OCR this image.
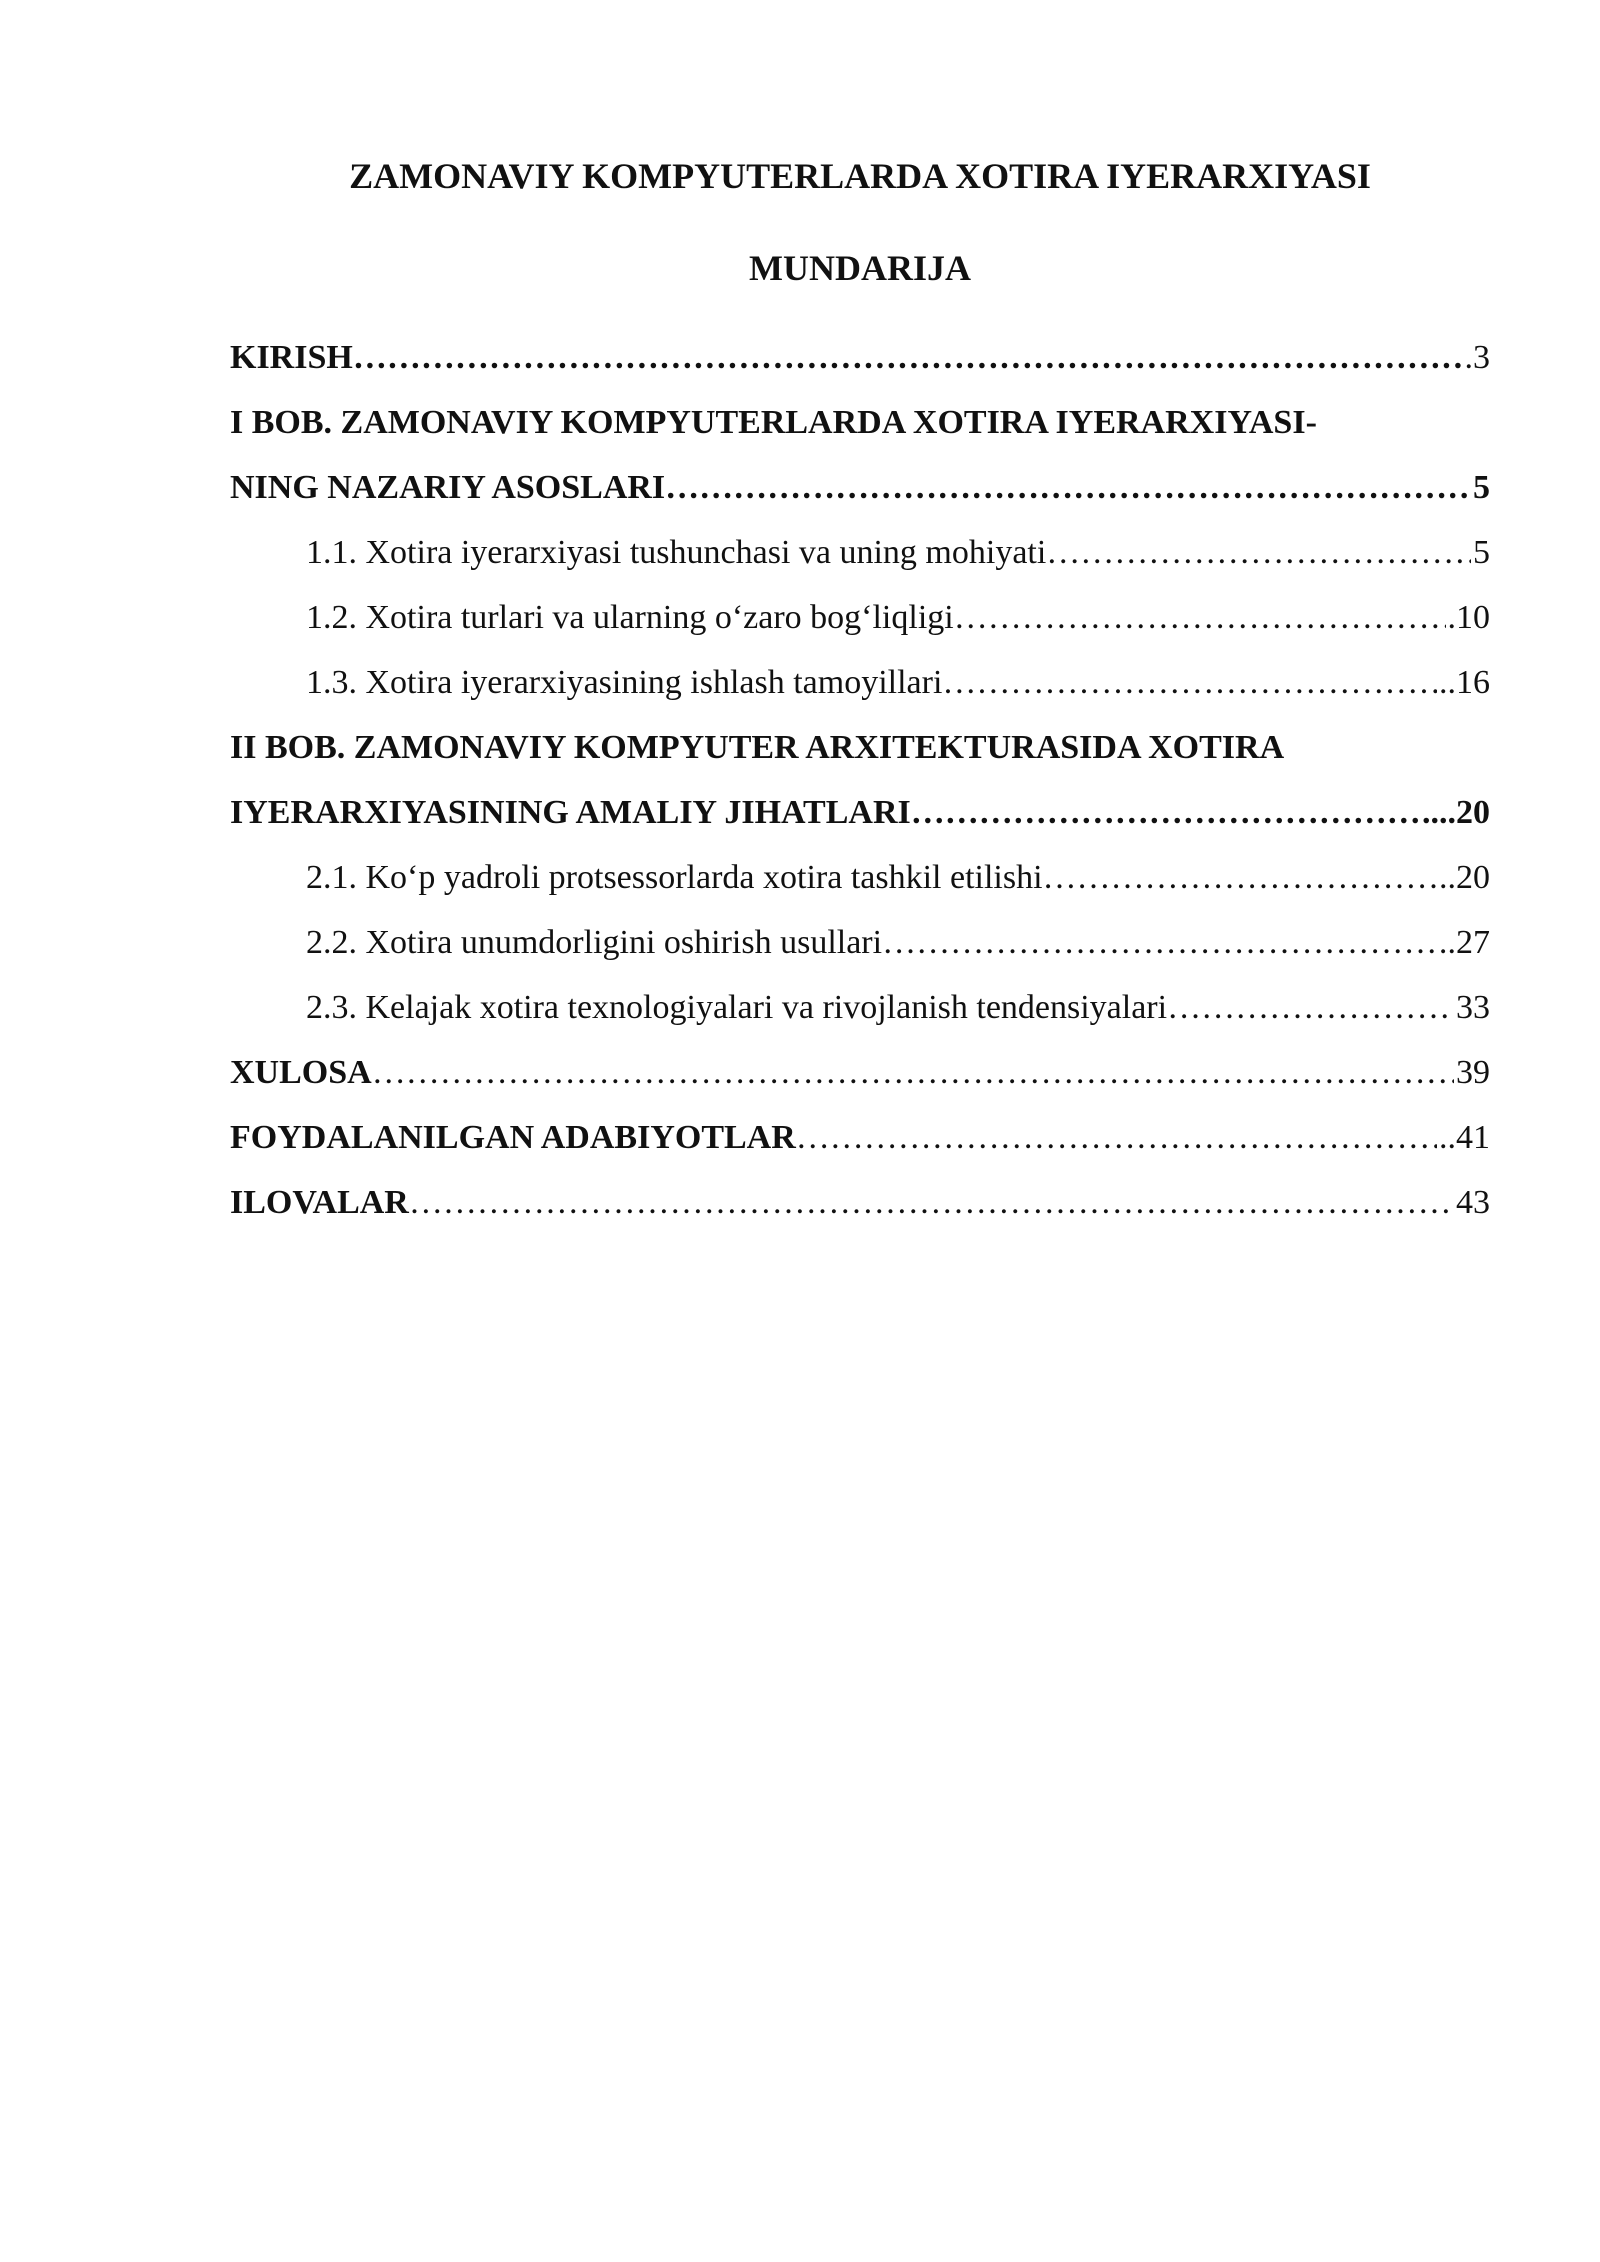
ZAMONAVIY KOMPYUTERLARDA XOTIRA IYERARXIYASI
MUNDARIJA
KIRISH ………………………………………………………………………………………………………………………………………………	.3
I BOB. ZAMONAVIY KOMPYUTERLARDA XOTIRA IYERARXIYASI-
NING NAZARIY ASOSLARI ………………………………………………………………………………………………………………………………………………	5
1.1. Xotira iyerarxiyasi tushunchasi va uning mohiyati ………………………………………………………………………………………………………………………………………………	5
1.2. Xotira turlari va ularning o‘zaro bog‘liqligi ………………………………………………………………………………………………………………………………………………	.10
1.3. Xotira iyerarxiyasining ishlash tamoyillari ………………………………………………………………………………………………………………………………………………	..16
II BOB. ZAMONAVIY KOMPYUTER ARXITEKTURASIDA XOTIRA
IYERARXIYASINING AMALIY JIHATLARI ………………………………………………………………………………………………………………………………………………	....20
2.1. Ko‘p yadroli protsessorlarda xotira tashkil etilishi ………………………………………………………………………………………………………………………………………………	..20
2.2. Xotira unumdorligini oshirish usullari ………………………………………………………………………………………………………………………………………………	.27
2.3. Kelajak xotira texnologiyalari va rivojlanish tendensiyalari ………………………………………………………………………………………………………………………………………………	33
XULOSA ………………………………………………………………………………………………………………………………………………	39
FOYDALANILGAN ADABIYOTLAR ………………………………………………………………………………………………………………………………………………	..41
ILOVALAR ………………………………………………………………………………………………………………………………………………	43
